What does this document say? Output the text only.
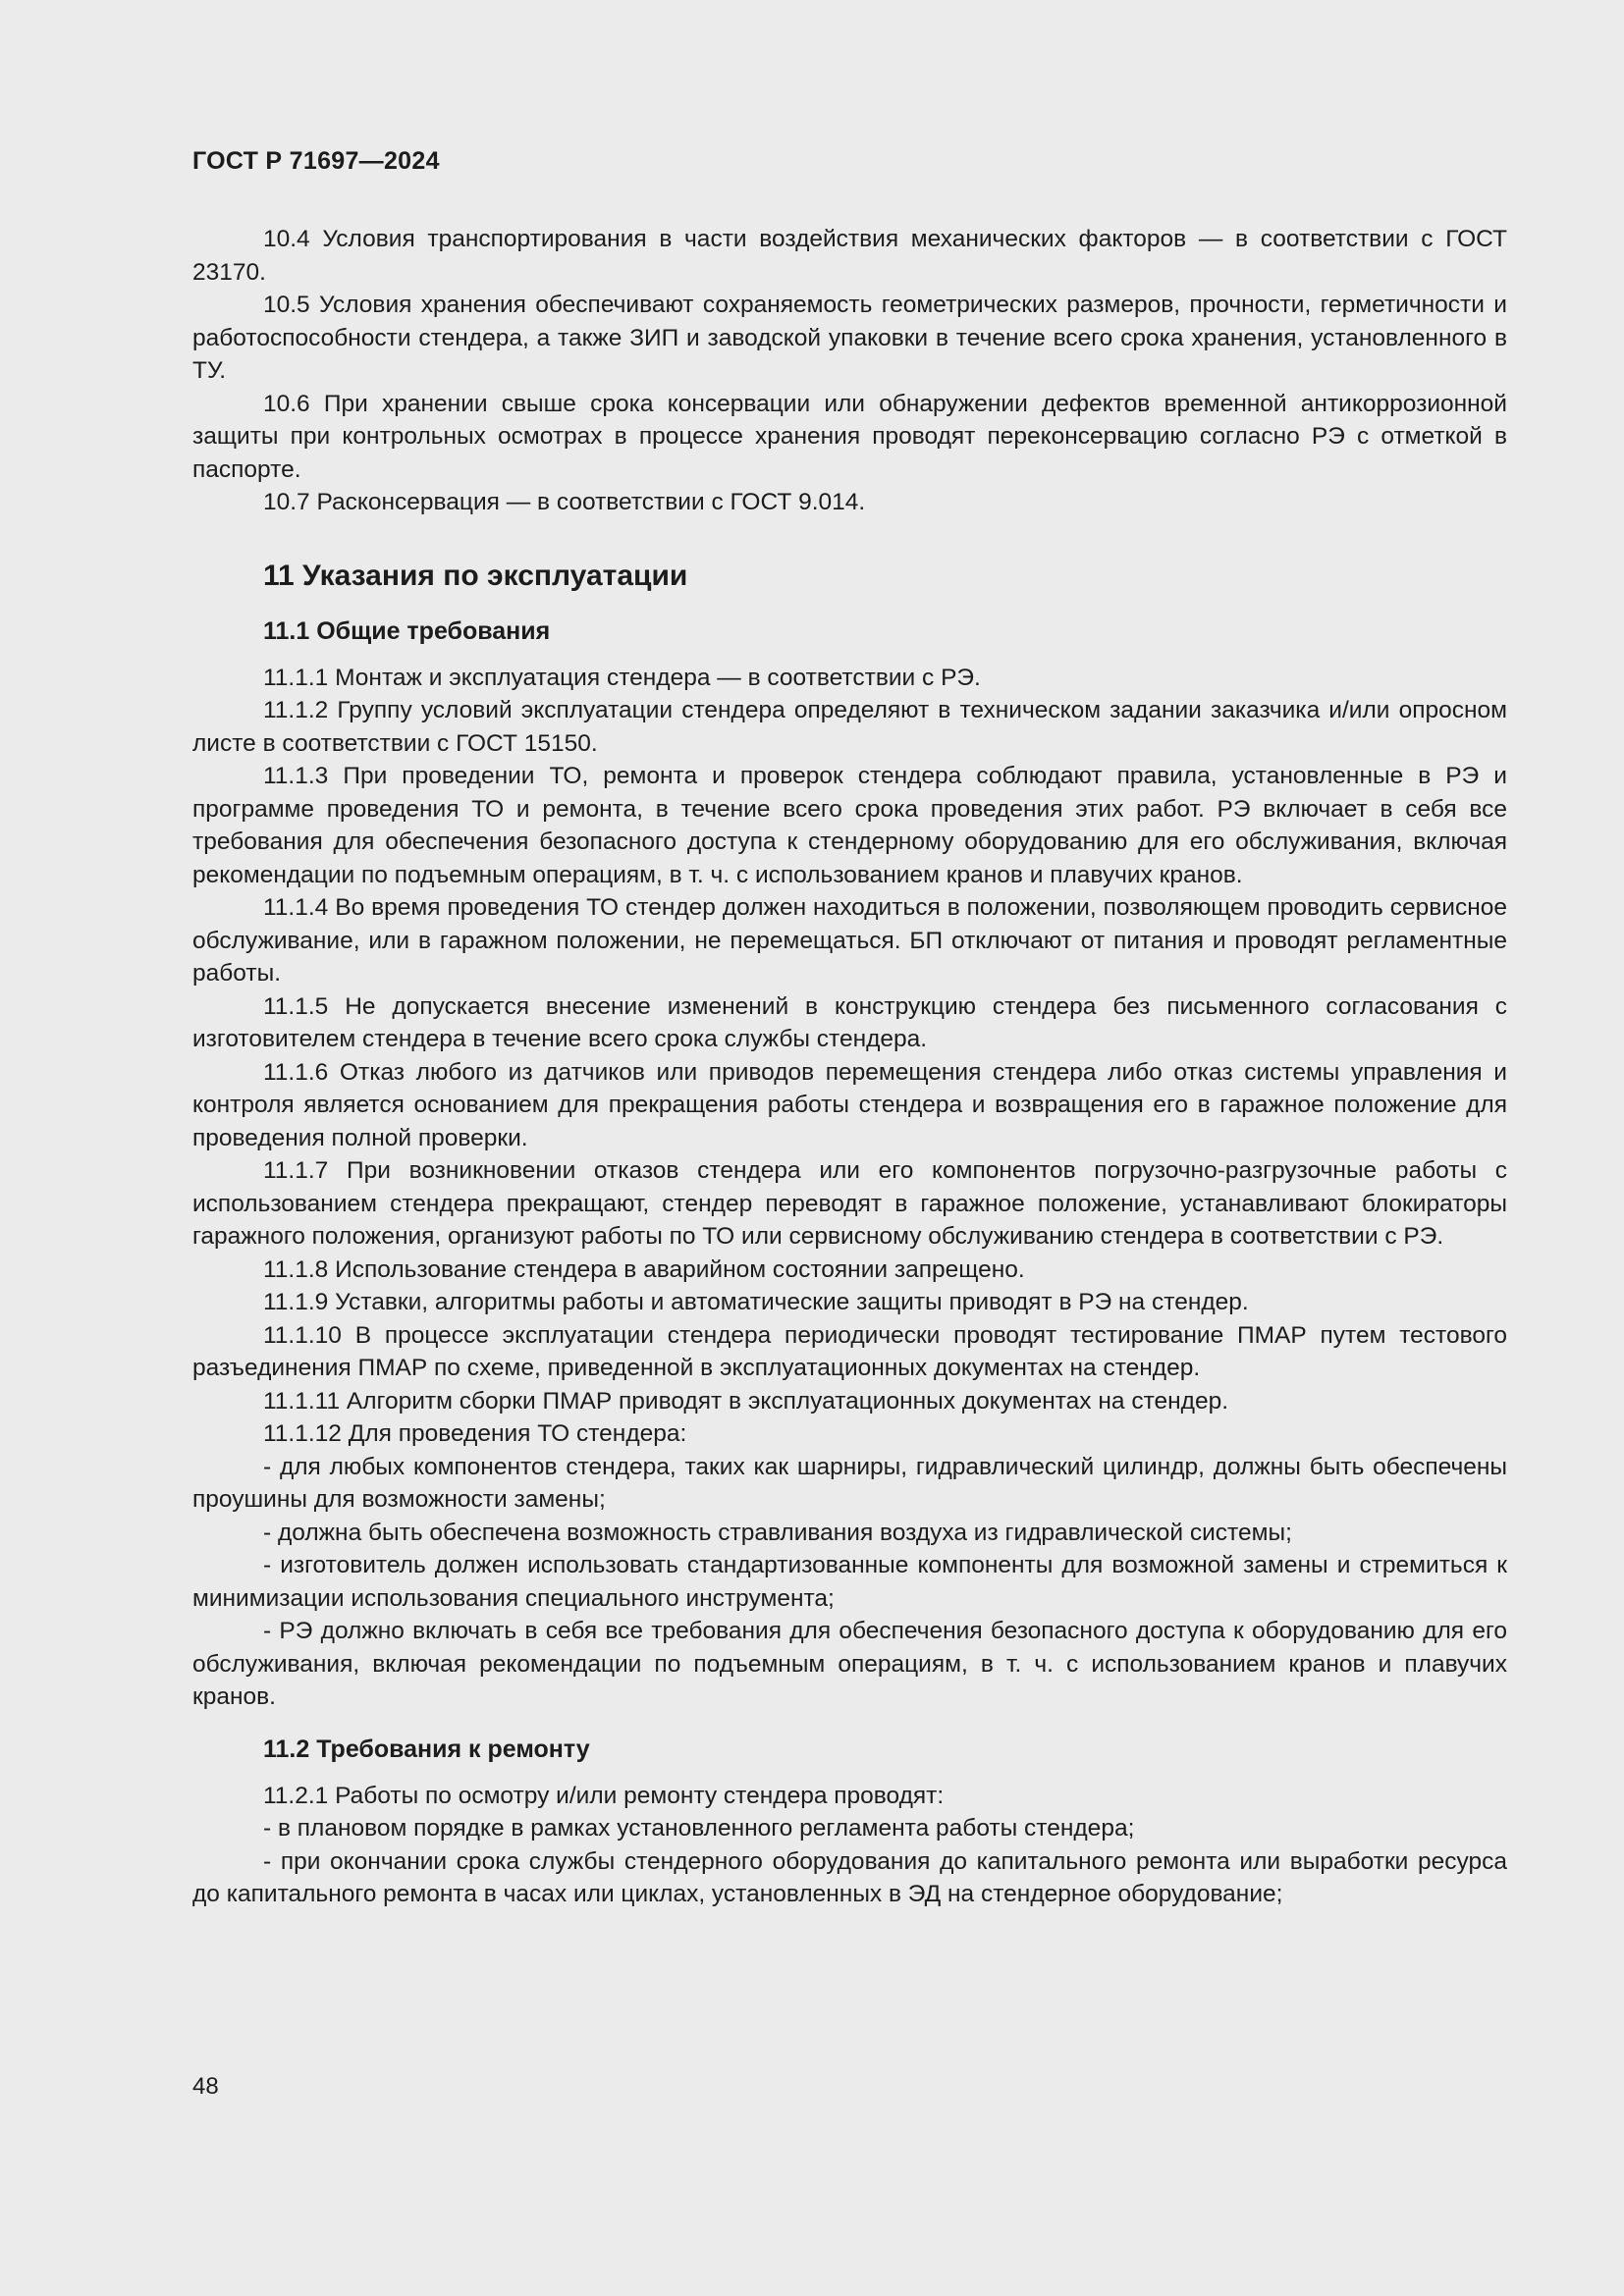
ГОСТ Р 71697—2024

10.4 Условия транспортирования в части воздействия механических факторов — в соответствии с ГОСТ 23170.

10.5 Условия хранения обеспечивают сохраняемость геометрических размеров, прочности, герметичности и работоспособности стендера, а также ЗИП и заводской упаковки в течение всего срока хранения, установленного в ТУ.

10.6 При хранении свыше срока консервации или обнаружении дефектов временной антикоррозионной защиты при контрольных осмотрах в процессе хранения проводят переконсервацию согласно РЭ с отметкой в паспорте.

10.7 Расконсервация — в соответствии с ГОСТ 9.014.

11 Указания по эксплуатации
11.1 Общие требования

11.1.1 Монтаж и эксплуатация стендера — в соответствии с РЭ.

11.1.2 Группу условий эксплуатации стендера определяют в техническом задании заказчика и/или опросном листе в соответствии с ГОСТ 15150.

11.1.3 При проведении ТО, ремонта и проверок стендера соблюдают правила, установленные в РЭ и программе проведения ТО и ремонта, в течение всего срока проведения этих работ. РЭ включает в себя все требования для обеспечения безопасного доступа к стендерному оборудованию для его обслуживания, включая рекомендации по подъемным операциям, в т. ч. с использованием кранов и плавучих кранов.

11.1.4 Во время проведения ТО стендер должен находиться в положении, позволяющем проводить сервисное обслуживание, или в гаражном положении, не перемещаться. БП отключают от питания и проводят регламентные работы.

11.1.5 Не допускается внесение изменений в конструкцию стендера без письменного согласования с изготовителем стендера в течение всего срока службы стендера.

11.1.6 Отказ любого из датчиков или приводов перемещения стендера либо отказ системы управления и контроля является основанием для прекращения работы стендера и возвращения его в гаражное положение для проведения полной проверки.

11.1.7 При возникновении отказов стендера или его компонентов погрузочно-разгрузочные работы с использованием стендера прекращают, стендер переводят в гаражное положение, устанавливают блокираторы гаражного положения, организуют работы по ТО или сервисному обслуживанию стендера в соответствии с РЭ.

11.1.8 Использование стендера в аварийном состоянии запрещено.

11.1.9 Уставки, алгоритмы работы и автоматические защиты приводят в РЭ на стендер.

11.1.10 В процессе эксплуатации стендера периодически проводят тестирование ПМАР путем тестового разъединения ПМАР по схеме, приведенной в эксплуатационных документах на стендер.

11.1.11 Алгоритм сборки ПМАР приводят в эксплуатационных документах на стендер.

11.1.12 Для проведения ТО стендера:

- для любых компонентов стендера, таких как шарниры, гидравлический цилиндр, должны быть обеспечены проушины для возможности замены;

- должна быть обеспечена возможность стравливания воздуха из гидравлической системы;

- изготовитель должен использовать стандартизованные компоненты для возможной замены и стремиться к минимизации использования специального инструмента;

- РЭ должно включать в себя все требования для обеспечения безопасного доступа к оборудованию для его обслуживания, включая рекомендации по подъемным операциям, в т. ч. с использованием кранов и плавучих кранов.

11.2 Требования к ремонту

11.2.1 Работы по осмотру и/или ремонту стендера проводят:

- в плановом порядке в рамках установленного регламента работы стендера;

- при окончании срока службы стендерного оборудования до капитального ремонта или выработки ресурса до капитального ремонта в часах или циклах, установленных в ЭД на стендерное оборудование;

48
